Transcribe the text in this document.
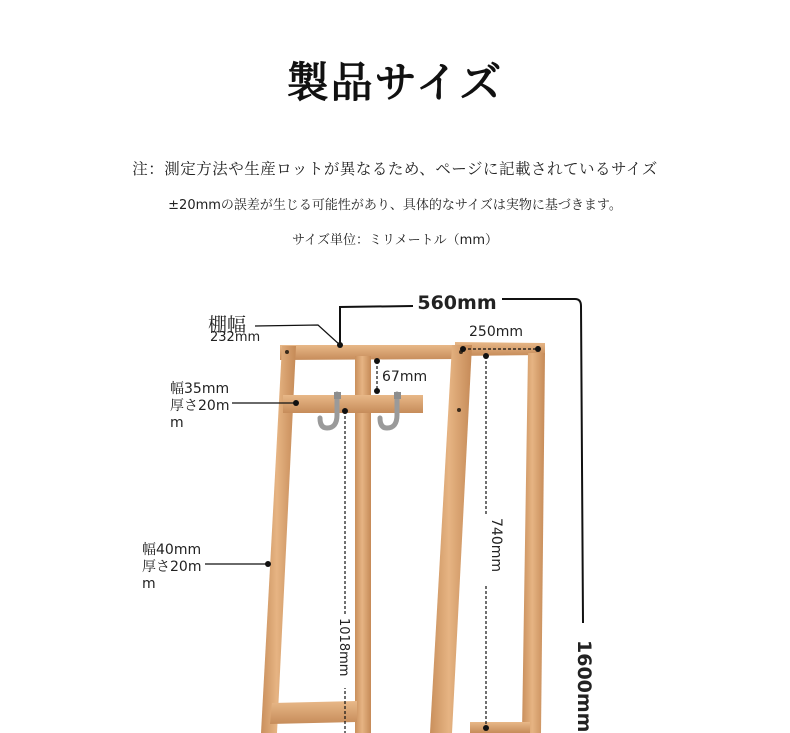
製品サイズ
注：測定方法や生産ロットが異なるため、ページに記載されているサイズ
±20mmの誤差が生じる可能性があり、具体的なサイズは実物に基づきます。
サイズ単位：ミリメートル（mm）
560mm
1600mm
棚幅
232mm	250mm
67mm
幅35mm
厚さ20m
m
幅40mm
厚さ20m
m
740mm
1018mm
